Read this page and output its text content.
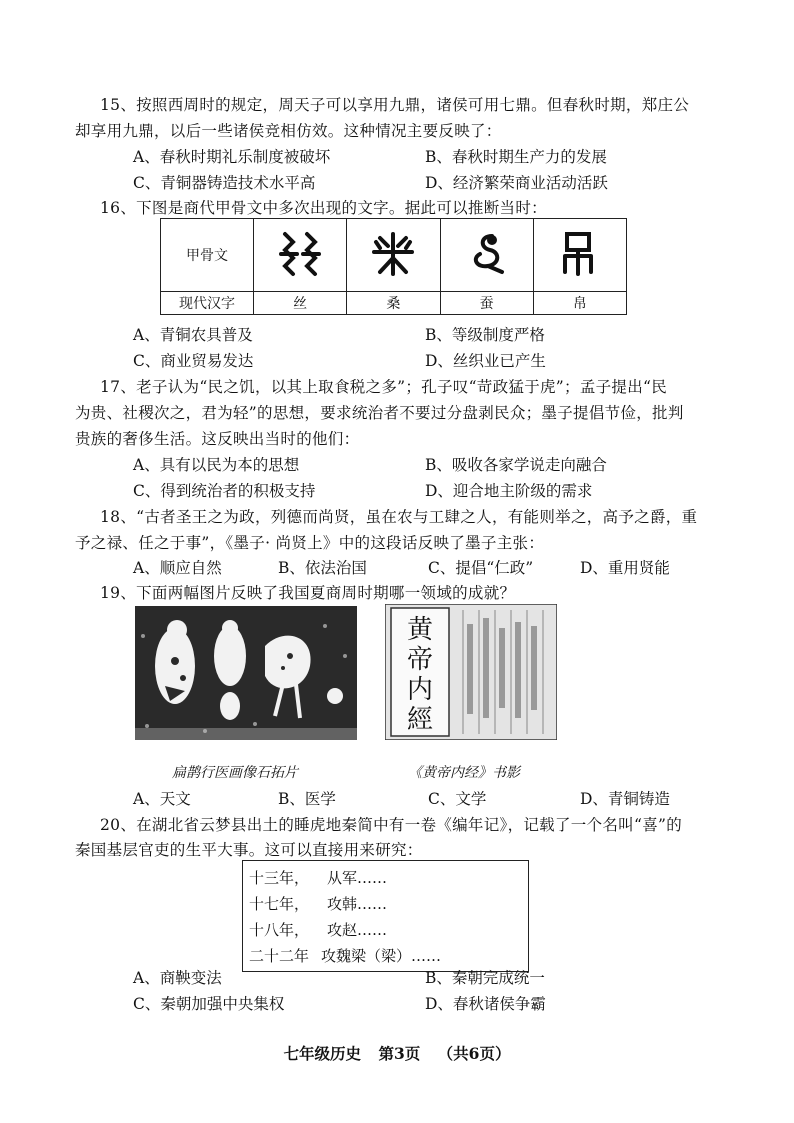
15、按照西周时的规定，周天子可以享用九鼎，诸侯可用七鼎。但春秋时期，郑庄公
却享用九鼎，以后一些诸侯竞相仿效。这种情况主要反映了：
A、春秋时期礼乐制度被破坏	B、春秋时期生产力的发展
C、青铜器铸造技术水平高	D、经济繁荣商业活动活跃
16、下图是商代甲骨文中多次出现的文字。据此可以推断当时：
甲骨文				
现代汉字	丝	桑	蚕	帛
A、青铜农具普及	B、等级制度严格
C、商业贸易发达	D、丝织业已产生
17、老子认为“民之饥，以其上取食税之多”；孔子叹“苛政猛于虎”；孟子提出“民
为贵、社稷次之，君为轻”的思想，要求统治者不要过分盘剥民众；墨子提倡节俭，批判
贵族的奢侈生活。这反映出当时的他们：
A、具有以民为本的思想	B、吸收各家学说走向融合
C、得到统治者的积极支持	D、迎合地主阶级的需求
18、“古者圣王之为政，列德而尚贤，虽在农与工肆之人，有能则举之，高予之爵，重
予之禄、任之于事”，《墨子· 尚贤上》中的这段话反映了墨子主张：
A、顺应自然	B、依法治国	C、提倡“仁政”	D、重用贤能
19、下面两幅图片反映了我国夏商周时期哪一领域的成就？
黄
帝
内
經
扁鹊行医画像石拓片	《黄帝内经》书影
A、天文	B、医学	C、文学	D、青铜铸造
20、在湖北省云梦县出土的睡虎地秦简中有一卷《编年记》，记载了一个名叫“喜”的
秦国基层官吏的生平大事。这可以直接用来研究：
十三年， 从军……
十七年， 攻韩……
十八年， 攻赵……
二十二年 攻魏梁（梁）……
A、商鞅变法	B、秦朝完成统一
C、秦朝加强中央集权	D、春秋诸侯争霸
七年级历史 第3页 （共6页）
